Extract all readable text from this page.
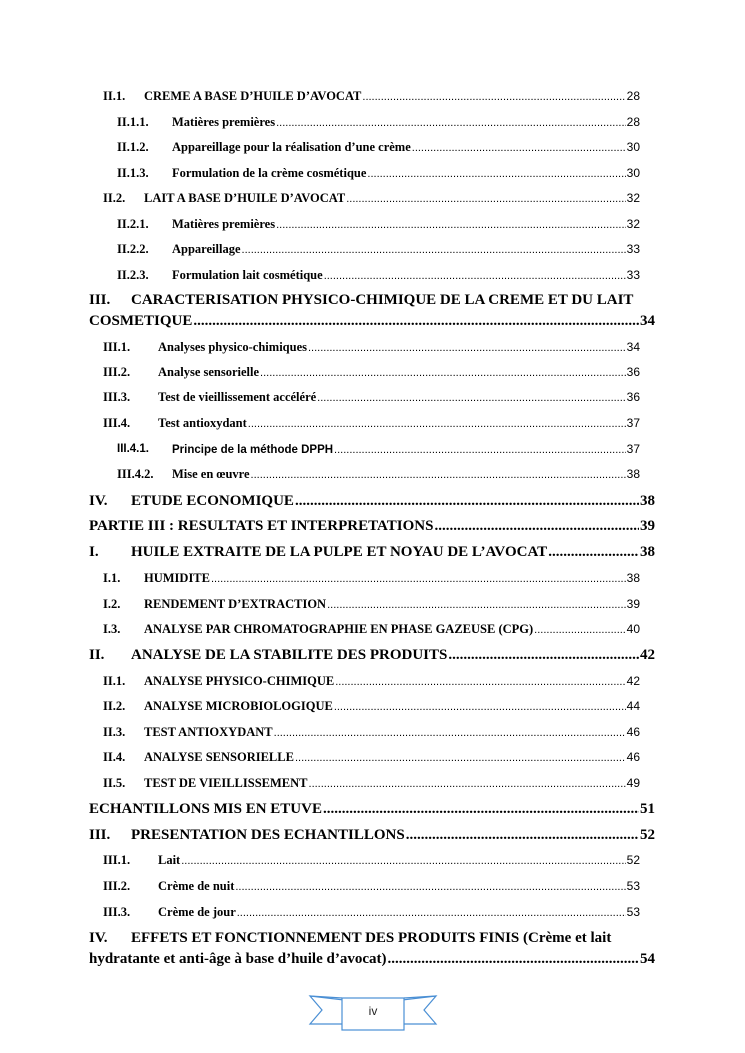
II.1. CREME A BASE D’HUILE D’AVOCAT .....	28
II.1.1. Matières premières .....	28
II.1.2. Appareillage pour la réalisation d’une crème .....	30
II.1.3. Formulation de la crème cosmétique .....	30
II.2. LAIT A BASE D’HUILE D’AVOCAT .....	32
II.2.1. Matières premières .....	32
II.2.2. Appareillage .....	33
II.2.3. Formulation lait cosmétique .....	33
III. CARACTERISATION PHYSICO-CHIMIQUE DE LA CREME ET DU LAIT
COSMETIQUE .....	34
III.1. Analyses physico-chimiques .....	34
III.2. Analyse sensorielle .....	36
III.3. Test de vieillissement accéléré .....	36
III.4. Test antioxydant .....	37
III.4.1. Principe de la méthode DPPH .....	37
III.4.2. Mise en œuvre .....	38
IV. ETUDE ECONOMIQUE .....	38
PARTIE III : RESULTATS ET INTERPRETATIONS .....	39
I. HUILE EXTRAITE DE LA PULPE ET NOYAU DE L’AVOCAT .....	38
I.1. HUMIDITE .....	38
I.2. RENDEMENT D’EXTRACTION .....	39
I.3. ANALYSE PAR CHROMATOGRAPHIE EN PHASE GAZEUSE (CPG) .....	40
II. ANALYSE DE LA STABILITE DES PRODUITS .....	42
II.1. ANALYSE PHYSICO-CHIMIQUE .....	42
II.2. ANALYSE MICROBIOLOGIQUE .....	44
II.3. TEST ANTIOXYDANT .....	46
II.4. ANALYSE SENSORIELLE .....	46
II.5. TEST DE VIEILLISSEMENT .....	49
ECHANTILLONS MIS EN ETUVE .....	51
III. PRESENTATION DES ECHANTILLONS .....	52
III.1. Lait .....	52
III.2. Crème de nuit .....	53
III.3. Crème de jour .....	53
IV. EFFETS ET FONCTIONNEMENT DES PRODUITS FINIS (Crème et lait
hydratante et anti-âge à base d’huile d’avocat) .....	54
iv
